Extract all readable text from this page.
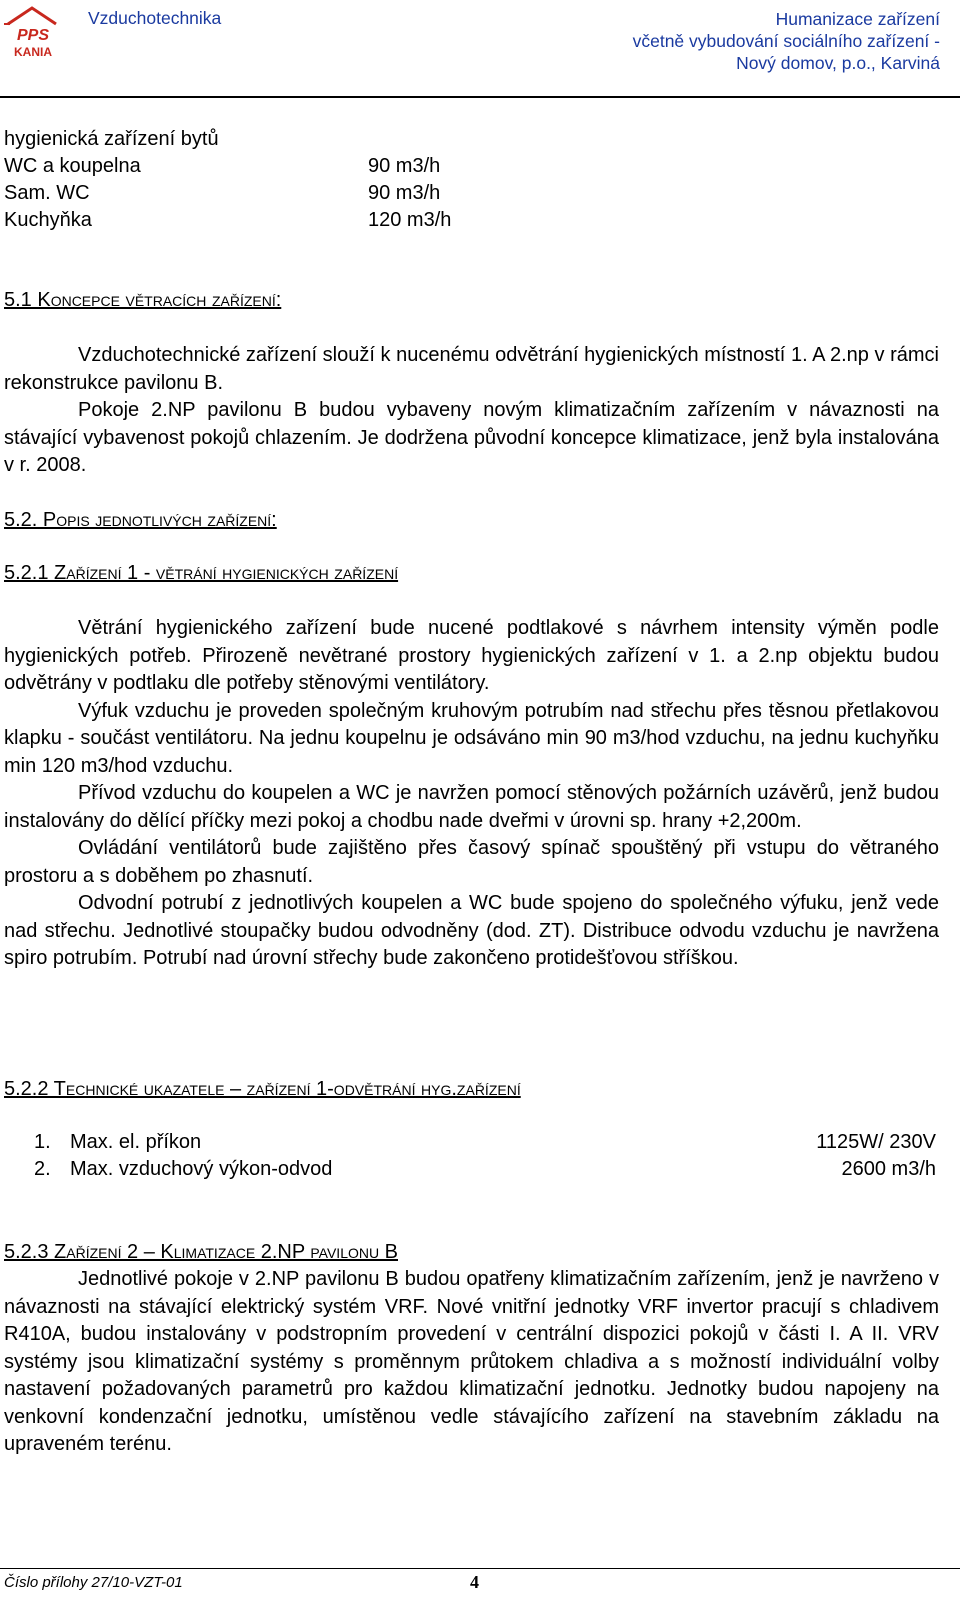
PPS
KANIA
Vzduchotechnika	Humanizace zařízení
včetně vybudování sociálního zařízení -
Nový domov, p.o., Karviná
hygienická zařízení bytů
WC a koupelna	90 m3/h
Sam. WC	90 m3/h
Kuchyňka	120 m3/h
5.1 Koncepce větracích zařízení:

Vzduchotechnické zařízení slouží k nucenému odvětrání hygienických místností 1. A 2.np v rámci rekonstrukce pavilonu B.

Pokoje 2.NP pavilonu B budou vybaveny novým klimatizačním zařízením v návaznosti na stávající vybavenost pokojů chlazením. Je dodržena původní koncepce klimatizace, jenž byla instalována v r. 2008.

5.2. Popis jednotlivých zařízení:
5.2.1 Zařízení 1 - větrání hygienických zařízení

Větrání hygienického zařízení bude nucené podtlakové s návrhem intensity výměn podle hygienických potřeb. Přirozeně nevětrané prostory hygienických zařízení v 1. a 2.np objektu budou odvětrány v podtlaku dle potřeby stěnovými ventilátory.

Výfuk vzduchu je proveden společným kruhovým potrubím nad střechu přes těsnou přetlakovou klapku - součást ventilátoru. Na jednu koupelnu je odsáváno min 90 m3/hod vzduchu, na jednu kuchyňku min 120 m3/hod vzduchu.

Přívod vzduchu do koupelen a WC je navržen pomocí stěnových požárních uzávěrů, jenž budou instalovány do dělící příčky mezi pokoj a chodbu nade dveřmi v úrovni sp. hrany +2,200m.

Ovládání ventilátorů bude zajištěno přes časový spínač spouštěný při vstupu do větraného prostoru a s doběhem po zhasnutí.

Odvodní potrubí z jednotlivých koupelen a WC bude spojeno do společného výfuku, jenž vede nad střechu. Jednotlivé stoupačky budou odvodněny (dod. ZT). Distribuce odvodu vzduchu je navržena spiro potrubím. Potrubí nad úrovní střechy bude zakončeno protidešťovou stříškou.

5.2.2 Technické ukazatele – zařízení 1-odvětrání hyg.zařízení
1. Max. el. příkon	1125W/ 230V
2. Max. vzduchový výkon-odvod	2600 m3/h
5.2.3 Zařízení 2 – Klimatizace 2.NP pavilonu B

Jednotlivé pokoje v 2.NP pavilonu B budou opatřeny klimatizačním zařízením, jenž je navrženo v návaznosti na stávající elektrický systém VRF. Nové vnitřní jednotky VRF invertor pracují s chladivem R410A, budou instalovány v podstropním provedení v centrální dispozici pokojů v části I. A II. VRV systémy jsou klimatizační systémy s proměnnym průtokem chladiva a s možností individuální volby nastavení požadovaných parametrů pro každou klimatizační jednotku. Jednotky budou napojeny na venkovní kondenzační jednotku, umístěnou vedle stávajícího zařízení na stavebním základu na upraveném terénu.

Číslo přílohy 27/10-VZT-01	4
